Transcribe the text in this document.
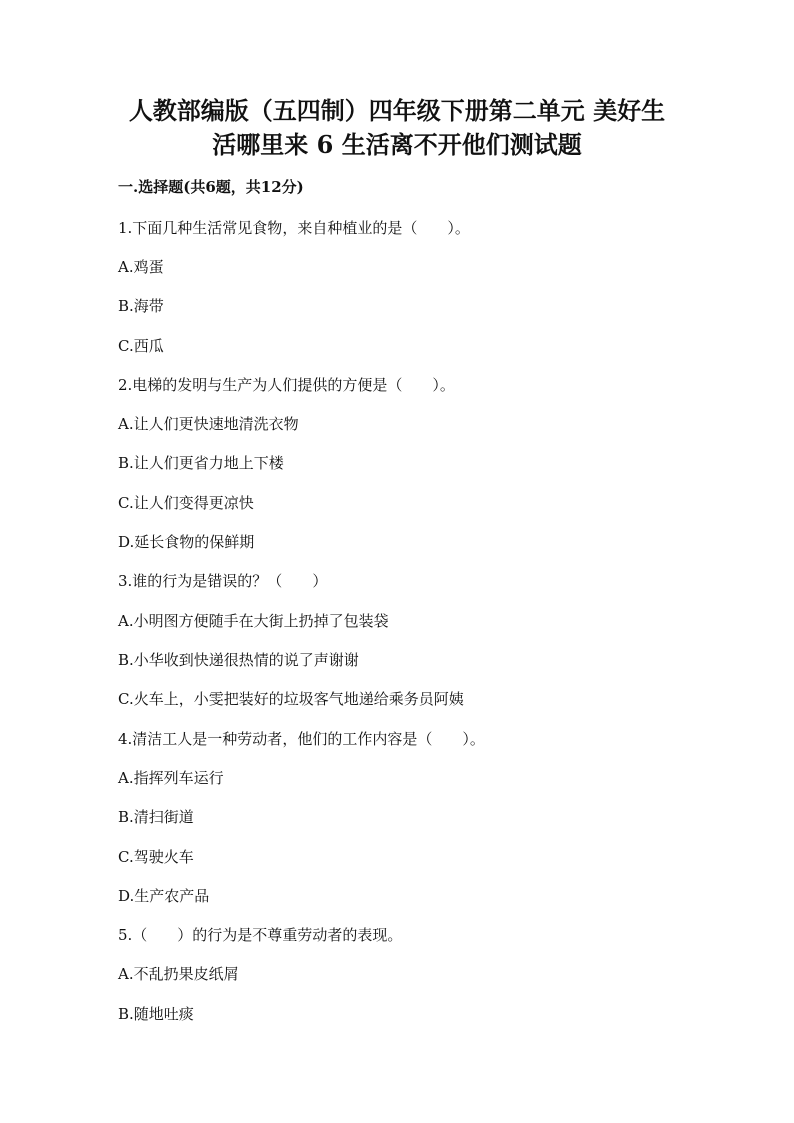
人教部编版（五四制）四年级下册第二单元 美好生
活哪里来 6 生活离不开他们测试题
一.选择题(共6题，共12分)
1.下面几种生活常见食物，来自种植业的是（　　）。
A.鸡蛋
B.海带
C.西瓜
2.电梯的发明与生产为人们提供的方便是（　　）。
A.让人们更快速地清洗衣物
B.让人们更省力地上下楼
C.让人们变得更凉快
D.延长食物的保鲜期
3.谁的行为是错误的？（　　）
A.小明图方便随手在大街上扔掉了包装袋
B.小华收到快递很热情的说了声谢谢
C.火车上，小雯把装好的垃圾客气地递给乘务员阿姨
4.清洁工人是一种劳动者，他们的工作内容是（　　）。
A.指挥列车运行
B.清扫街道
C.驾驶火车
D.生产农产品
5.（　　）的行为是不尊重劳动者的表现。
A.不乱扔果皮纸屑
B.随地吐痰
